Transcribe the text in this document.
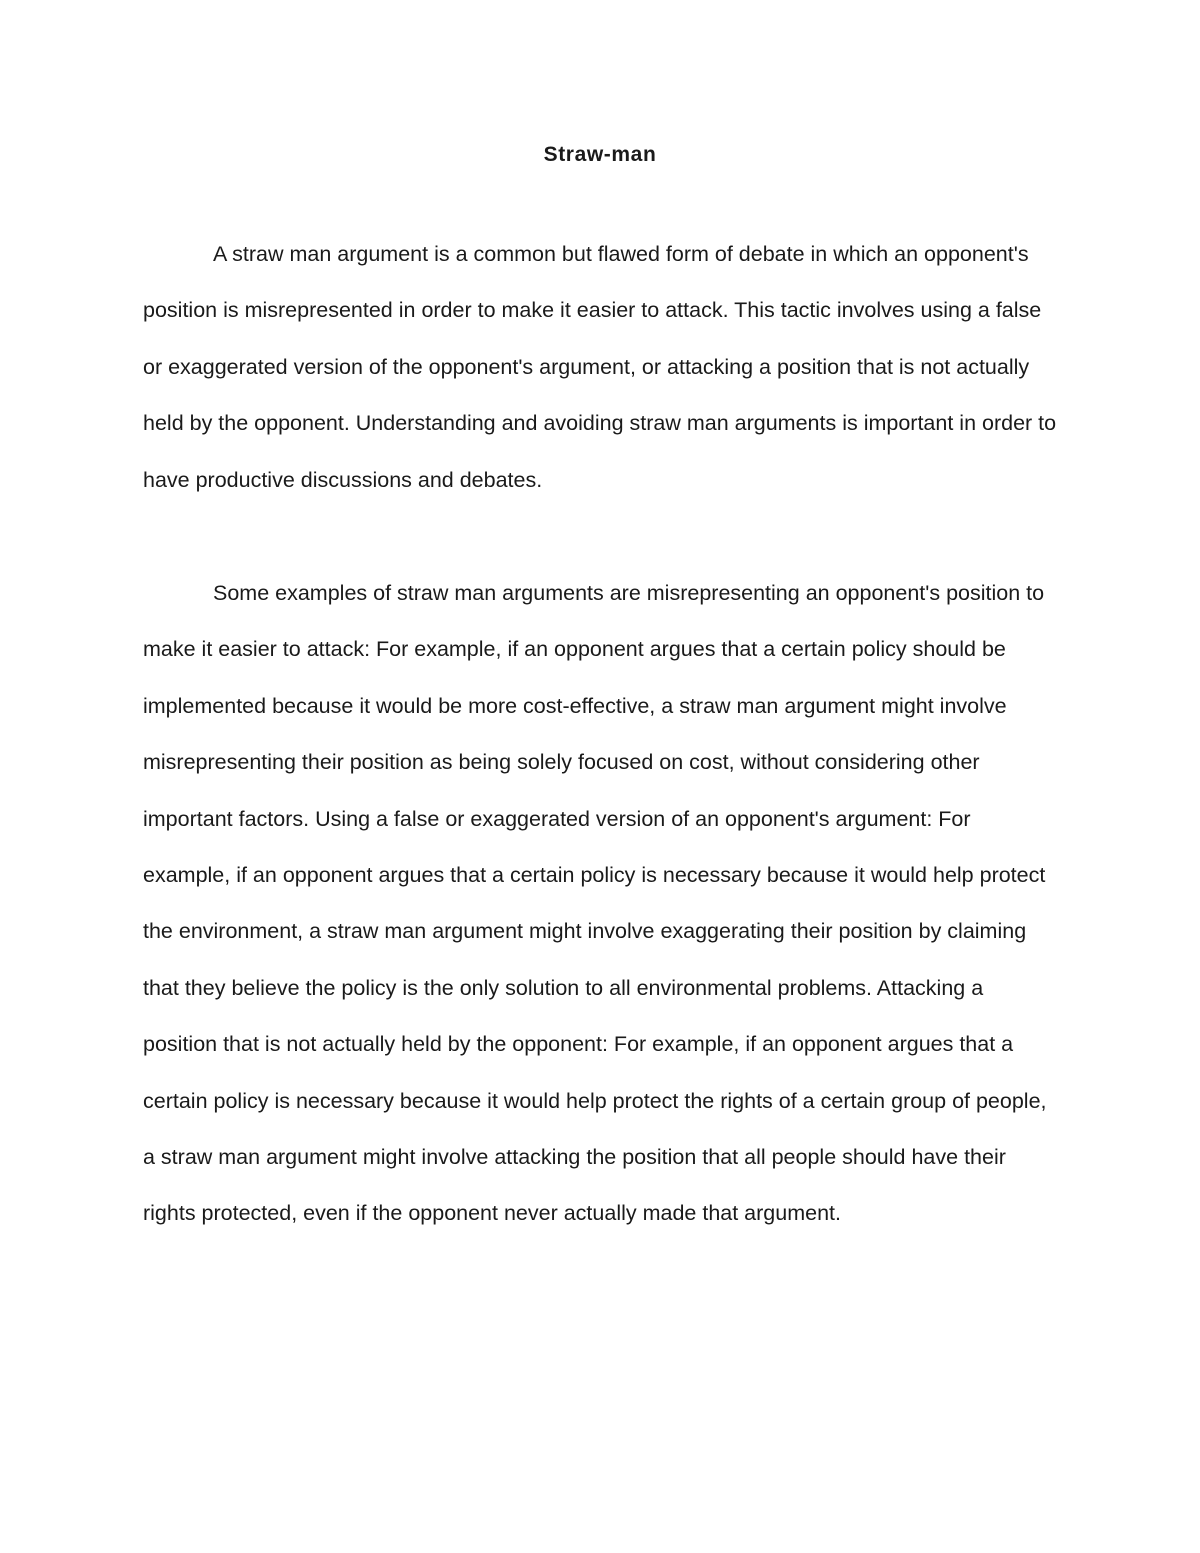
Straw-man

A straw man argument is a common but flawed form of debate in which an opponent's position is misrepresented in order to make it easier to attack. This tactic involves using a false or exaggerated version of the opponent's argument, or attacking a position that is not actually held by the opponent. Understanding and avoiding straw man arguments is important in order to have productive discussions and debates.

Some examples of straw man arguments are misrepresenting an opponent's position to make it easier to attack: For example, if an opponent argues that a certain policy should be implemented because it would be more cost-effective, a straw man argument might involve misrepresenting their position as being solely focused on cost, without considering other important factors. Using a false or exaggerated version of an opponent's argument: For example, if an opponent argues that a certain policy is necessary because it would help protect the environment, a straw man argument might involve exaggerating their position by claiming that they believe the policy is the only solution to all environmental problems. Attacking a position that is not actually held by the opponent: For example, if an opponent argues that a certain policy is necessary because it would help protect the rights of a certain group of people, a straw man argument might involve attacking the position that all people should have their rights protected, even if the opponent never actually made that argument.
